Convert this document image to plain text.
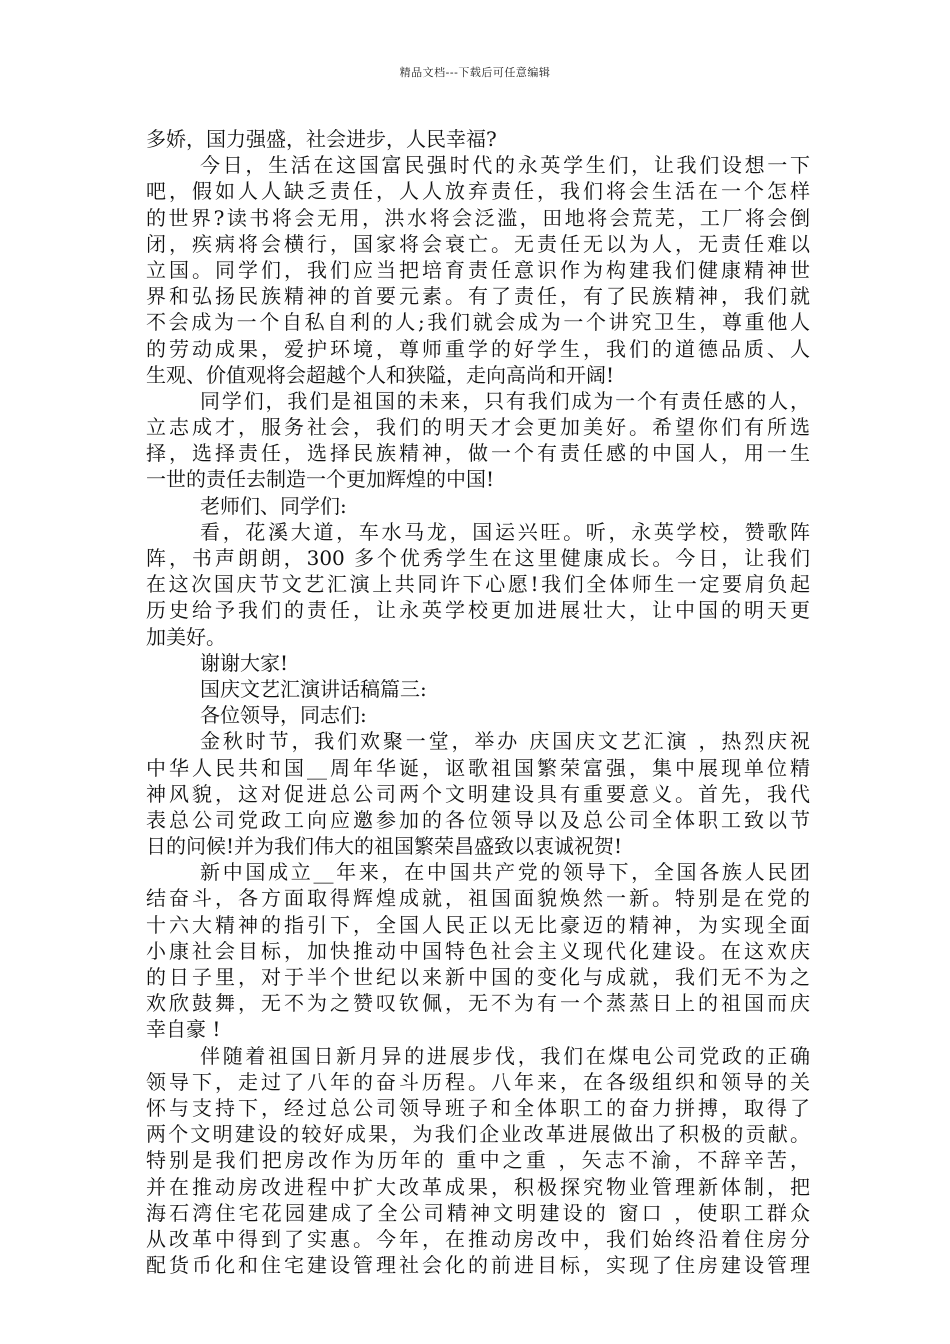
精品文档---下载后可任意编辑
多娇，国力强盛，社会进步，人民幸福?
今日，生活在这国富民强时代的永英学生们，让我们设想一下
吧，假如人人缺乏责任，人人放弃责任，我们将会生活在一个怎样
的世界?读书将会无用，洪水将会泛滥，田地将会荒芜，工厂将会倒
闭，疾病将会横行，国家将会衰亡。无责任无以为人，无责任难以
立国。同学们，我们应当把培育责任意识作为构建我们健康精神世
界和弘扬民族精神的首要元素。有了责任，有了民族精神，我们就
不会成为一个自私自利的人;我们就会成为一个讲究卫生，尊重他人
的劳动成果，爱护环境，尊师重学的好学生，我们的道德品质、人
生观、价值观将会超越个人和狭隘，走向高尚和开阔!
同学们，我们是祖国的未来，只有我们成为一个有责任感的人，
立志成才，服务社会，我们的明天才会更加美好。希望你们有所选
择，选择责任，选择民族精神，做一个有责任感的中国人，用一生
一世的责任去制造一个更加辉煌的中国!
老师们、同学们:
看，花溪大道，车水马龙，国运兴旺。听，永英学校，赞歌阵
阵，书声朗朗，300 多个优秀学生在这里健康成长。今日，让我们
在这次国庆节文艺汇演上共同许下心愿!我们全体师生一定要肩负起
历史给予我们的责任，让永英学校更加进展壮大，让中国的明天更
加美好。
谢谢大家!
国庆文艺汇演讲话稿篇三:
各位领导，同志们:
金秋时节，我们欢聚一堂，举办 庆国庆文艺汇演 ，热烈庆祝
中华人民共和国__周年华诞，讴歌祖国繁荣富强，集中展现单位精
神风貌，这对促进总公司两个文明建设具有重要意义。首先，我代
表总公司党政工向应邀参加的各位领导以及总公司全体职工致以节
日的问候!并为我们伟大的祖国繁荣昌盛致以衷诚祝贺!
新中国成立__年来，在中国共产党的领导下，全国各族人民团
结奋斗，各方面取得辉煌成就，祖国面貌焕然一新。特别是在党的
十六大精神的指引下，全国人民正以无比豪迈的精神，为实现全面
小康社会目标，加快推动中国特色社会主义现代化建设。在这欢庆
的日子里，对于半个世纪以来新中国的变化与成就，我们无不为之
欢欣鼓舞，无不为之赞叹钦佩，无不为有一个蒸蒸日上的祖国而庆
幸自豪 !
伴随着祖国日新月异的进展步伐，我们在煤电公司党政的正确
领导下，走过了八年的奋斗历程。八年来，在各级组织和领导的关
怀与支持下，经过总公司领导班子和全体职工的奋力拼搏，取得了
两个文明建设的较好成果，为我们企业改革进展做出了积极的贡献。
特别是我们把房改作为历年的 重中之重 ，矢志不渝，不辞辛苦，
并在推动房改进程中扩大改革成果，积极探究物业管理新体制，把
海石湾住宅花园建成了全公司精神文明建设的 窗口 ，使职工群众
从改革中得到了实惠。今年，在推动房改中，我们始终沿着住房分
配货币化和住宅建设管理社会化的前进目标，实现了住房建设管理
